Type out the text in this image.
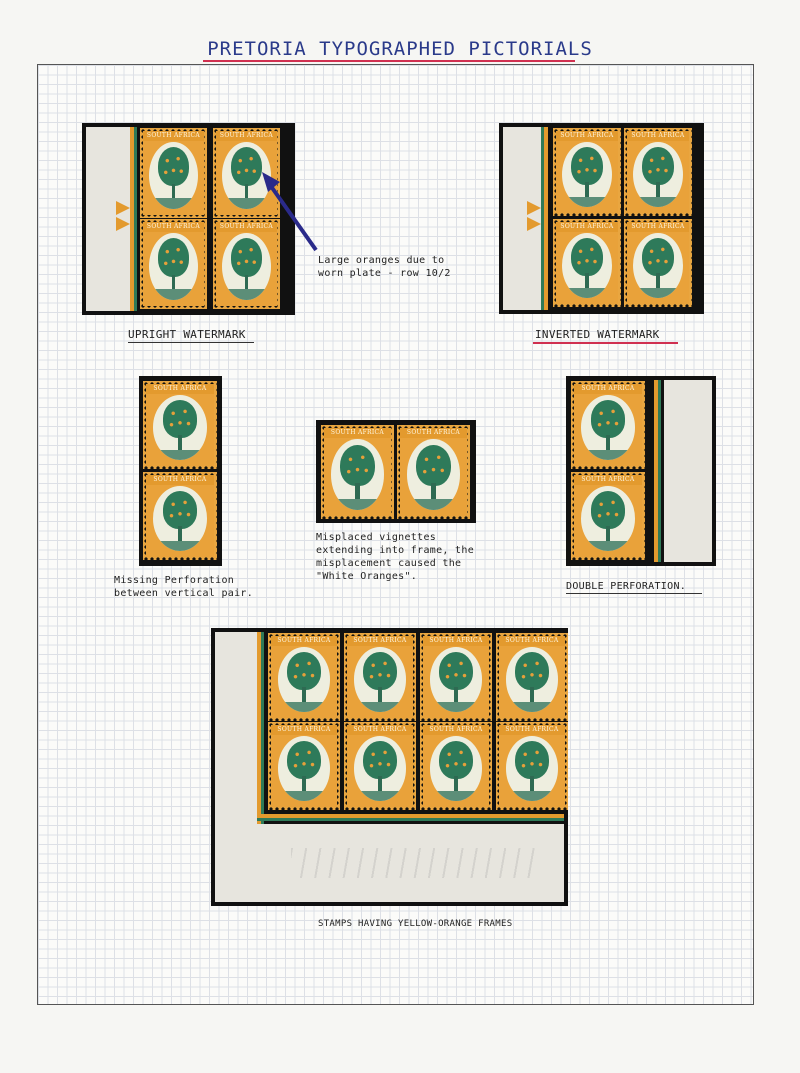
PRETORIA TYPOGRAPHED PICTORIALS
SOUTH AFRICA	SOUTH AFRICA
SOUTH AFRICA	SOUTH AFRICA
SOUTH AFRICA	SOUTH AFRICA
SOUTH AFRICA	SOUTH AFRICA
SOUTH AFRICA
SOUTH AFRICA
SOUTH AFRICA	SOUTH AFRICA
SOUTH AFRICA
SOUTH AFRICA
SOUTH AFRICA	SOUTH AFRICA	SOUTH AFRICA	SOUTH AFRICA
SOUTH AFRICA	SOUTH AFRICA	SOUTH AFRICA	SOUTH AFRICA
UPRIGHT WATERMARK	INVERTED WATERMARK
Large oranges due to worn plate - row 10/2
Missing Perforation between vertical pair.
Misplaced vignettes extending into frame, the misplacement caused the "White Oranges".
DOUBLE PERFORATION.
STAMPS HAVING YELLOW-ORANGE FRAMES
